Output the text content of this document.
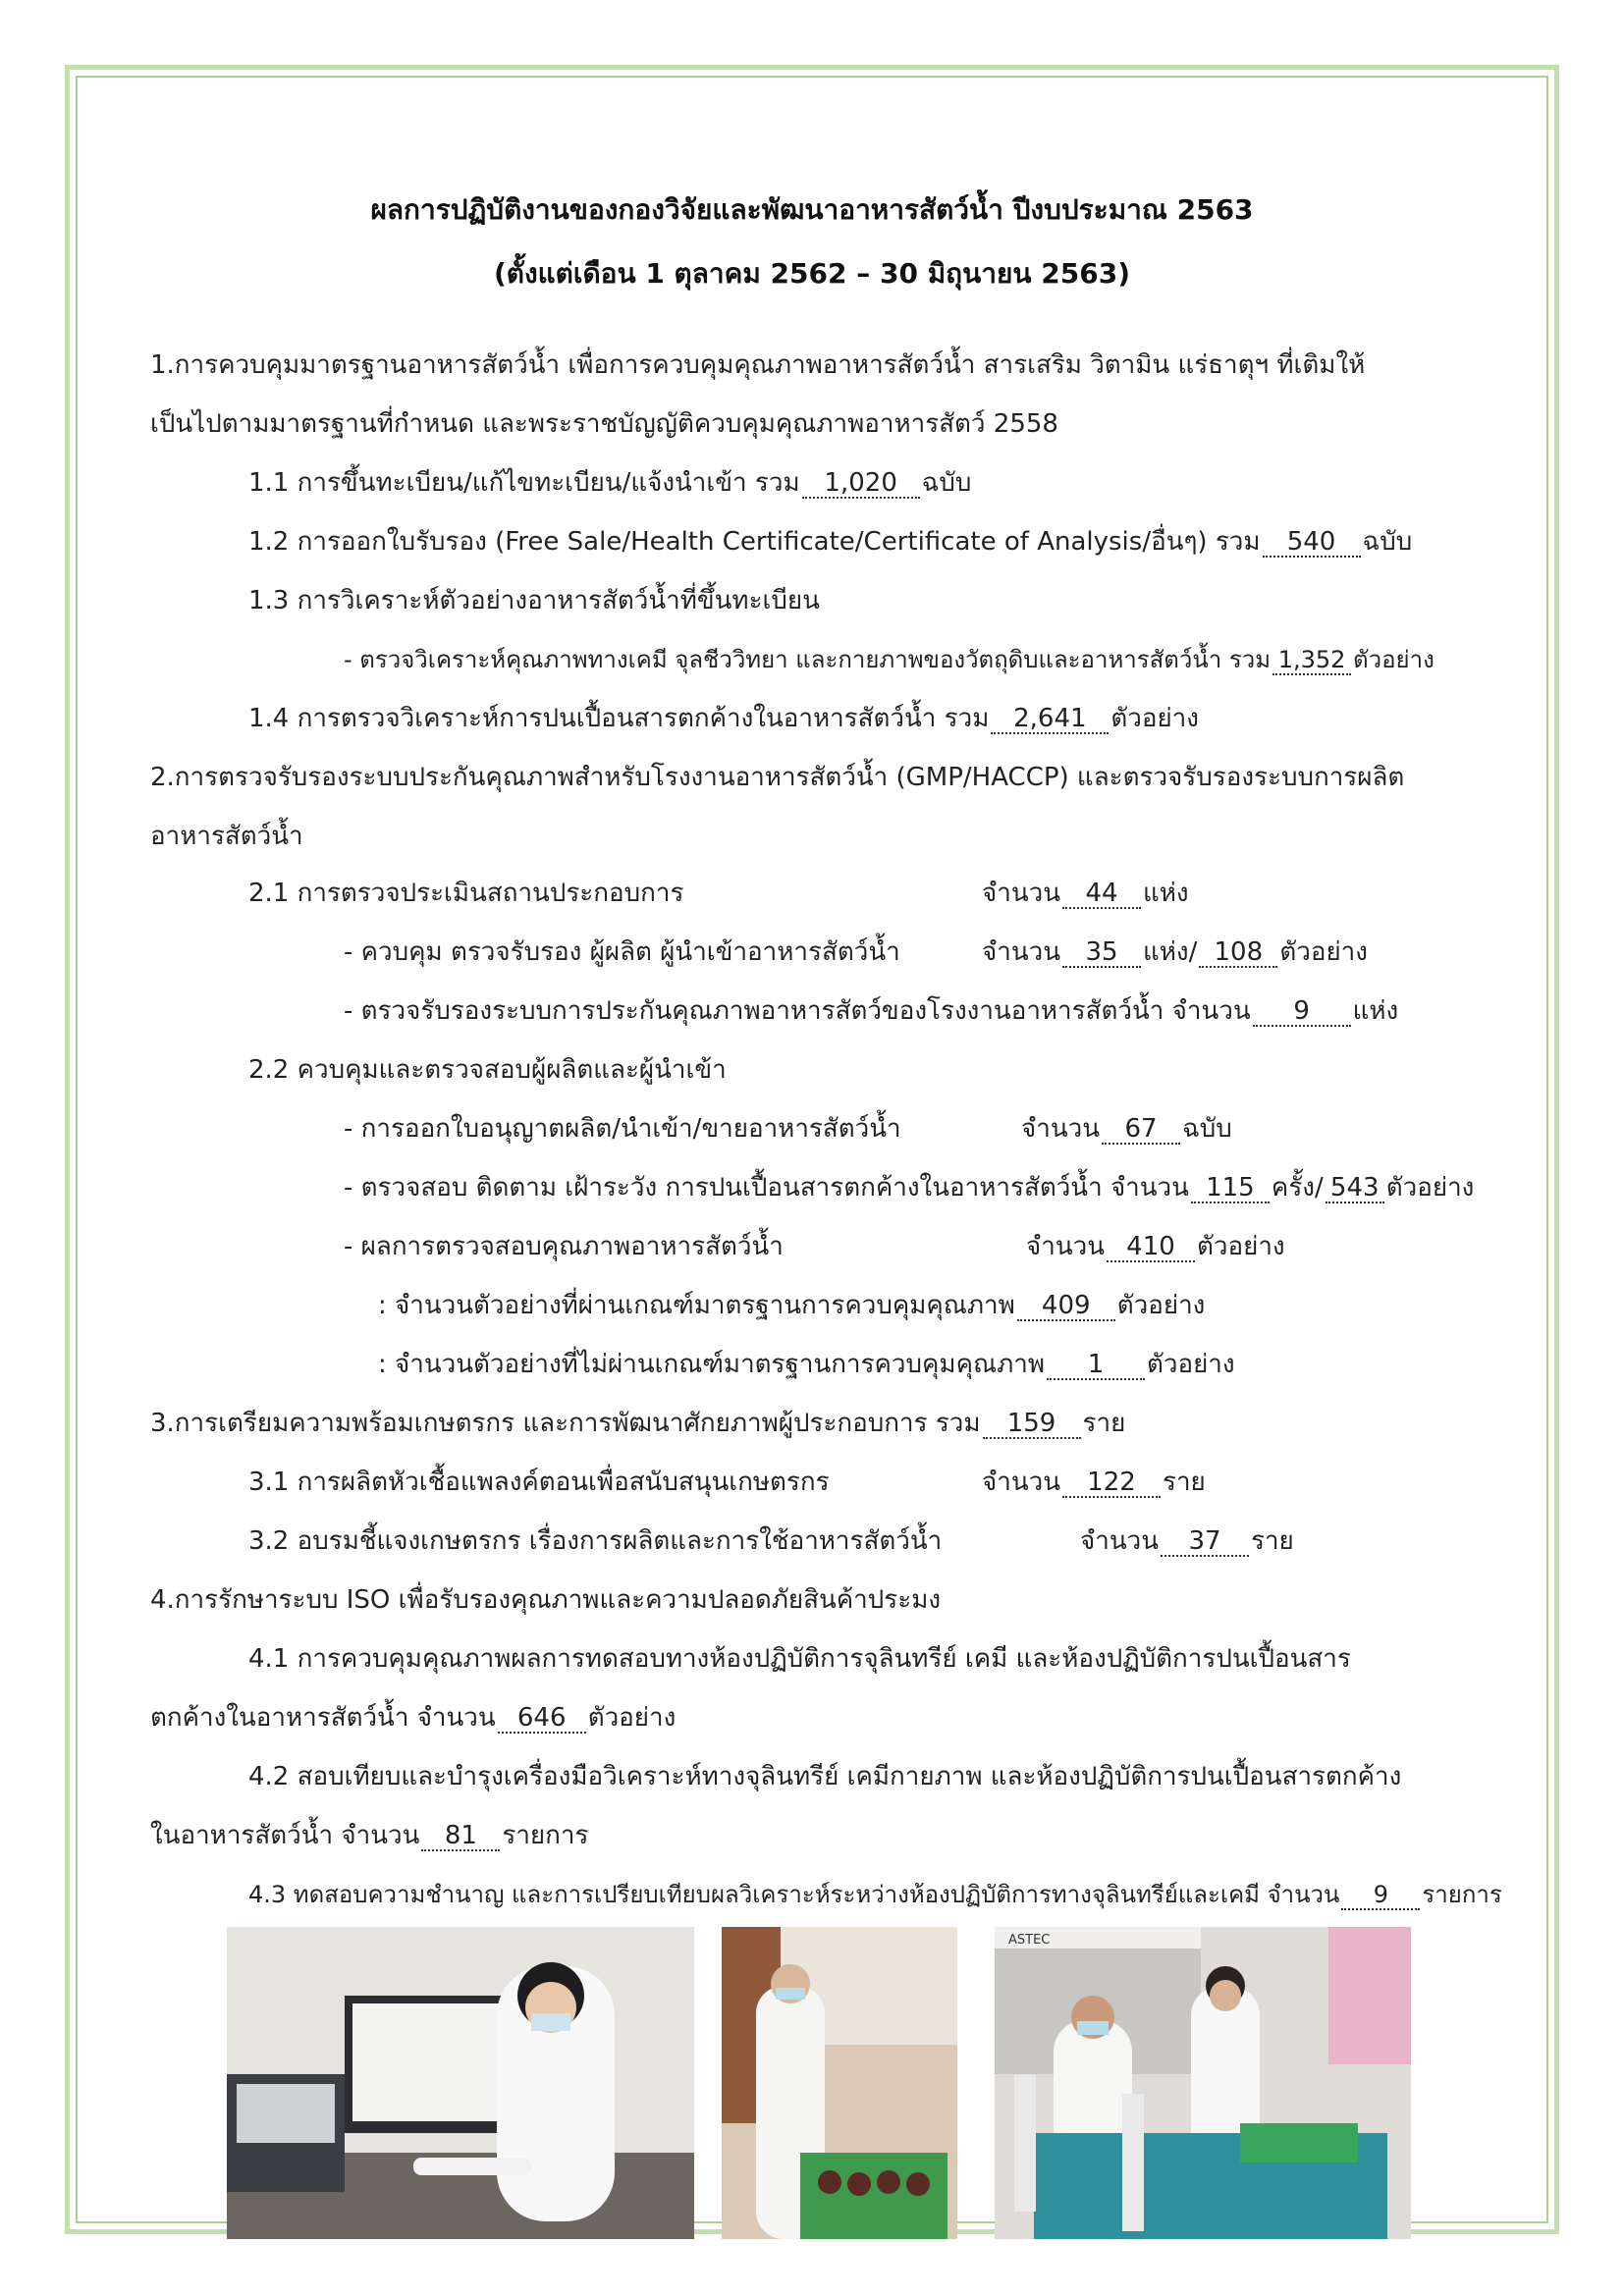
ผลการปฏิบัติงานของกองวิจัยและพัฒนาอาหารสัตว์น้ำ ปีงบประมาณ 2563
(ตั้งแต่เดือน 1 ตุลาคม 2562 – 30 มิถุนายน 2563)
1.การควบคุมมาตรฐานอาหารสัตว์น้ำ เพื่อการควบคุมคุณภาพอาหารสัตว์น้ำ สารเสริม วิตามิน แร่ธาตุฯ ที่เติมให้
เป็นไปตามมาตรฐานที่กำหนด และพระราชบัญญัติควบคุมคุณภาพอาหารสัตว์ 2558
1.1 การขึ้นทะเบียน/แก้ไขทะเบียน/แจ้งนำเข้า รวม 1,020 ฉบับ
1.2 การออกใบรับรอง (Free Sale/Health Certificate/Certificate of Analysis/อื่นๆ) รวม 540 ฉบับ
1.3 การวิเคราะห์ตัวอย่างอาหารสัตว์น้ำที่ขึ้นทะเบียน
- ตรวจวิเคราะห์คุณภาพทางเคมี จุลชีววิทยา และกายภาพของวัตถุดิบและอาหารสัตว์น้ำ รวม 1,352 ตัวอย่าง
1.4 การตรวจวิเคราะห์การปนเปื้อนสารตกค้างในอาหารสัตว์น้ำ รวม 2,641 ตัวอย่าง
2.การตรวจรับรองระบบประกันคุณภาพสำหรับโรงงานอาหารสัตว์น้ำ (GMP/HACCP) และตรวจรับรองระบบการผลิต
อาหารสัตว์น้ำ
2.1 การตรวจประเมินสถานประกอบการ	จำนวน 44 แห่ง
- ควบคุม ตรวจรับรอง ผู้ผลิต ผู้นำเข้าอาหารสัตว์น้ำ	จำนวน 35 แห่ง/ 108 ตัวอย่าง
- ตรวจรับรองระบบการประกันคุณภาพอาหารสัตว์ของโรงงานอาหารสัตว์น้ำ จำนวน 9 แห่ง
2.2 ควบคุมและตรวจสอบผู้ผลิตและผู้นำเข้า
- การออกใบอนุญาตผลิต/นำเข้า/ขายอาหารสัตว์น้ำ	จำนวน 67 ฉบับ
- ตรวจสอบ ติดตาม เฝ้าระวัง การปนเปื้อนสารตกค้างในอาหารสัตว์น้ำ จำนวน 115 ครั้ง/ 543 ตัวอย่าง
- ผลการตรวจสอบคุณภาพอาหารสัตว์น้ำ	จำนวน 410 ตัวอย่าง
: จำนวนตัวอย่างที่ผ่านเกณฑ์มาตรฐานการควบคุมคุณภาพ 409 ตัวอย่าง
: จำนวนตัวอย่างที่ไม่ผ่านเกณฑ์มาตรฐานการควบคุมคุณภาพ 1 ตัวอย่าง
3.การเตรียมความพร้อมเกษตรกร และการพัฒนาศักยภาพผู้ประกอบการ รวม 159 ราย
3.1 การผลิตหัวเชื้อแพลงค์ตอนเพื่อสนับสนุนเกษตรกร	จำนวน 122 ราย
3.2 อบรมชี้แจงเกษตรกร เรื่องการผลิตและการใช้อาหารสัตว์น้ำ	จำนวน 37 ราย
4.การรักษาระบบ ISO เพื่อรับรองคุณภาพและความปลอดภัยสินค้าประมง
4.1 การควบคุมคุณภาพผลการทดสอบทางห้องปฏิบัติการจุลินทรีย์ เคมี และห้องปฏิบัติการปนเปื้อนสาร
ตกค้างในอาหารสัตว์น้ำ จำนวน 646 ตัวอย่าง
4.2 สอบเทียบและบำรุงเครื่องมือวิเคราะห์ทางจุลินทรีย์ เคมีกายภาพ และห้องปฏิบัติการปนเปื้อนสารตกค้าง
ในอาหารสัตว์น้ำ จำนวน 81 รายการ
4.3 ทดสอบความชำนาญ และการเปรียบเทียบผลวิเคราะห์ระหว่างห้องปฏิบัติการทางจุลินทรีย์และเคมี จำนวน 9 รายการ
ASTEC
